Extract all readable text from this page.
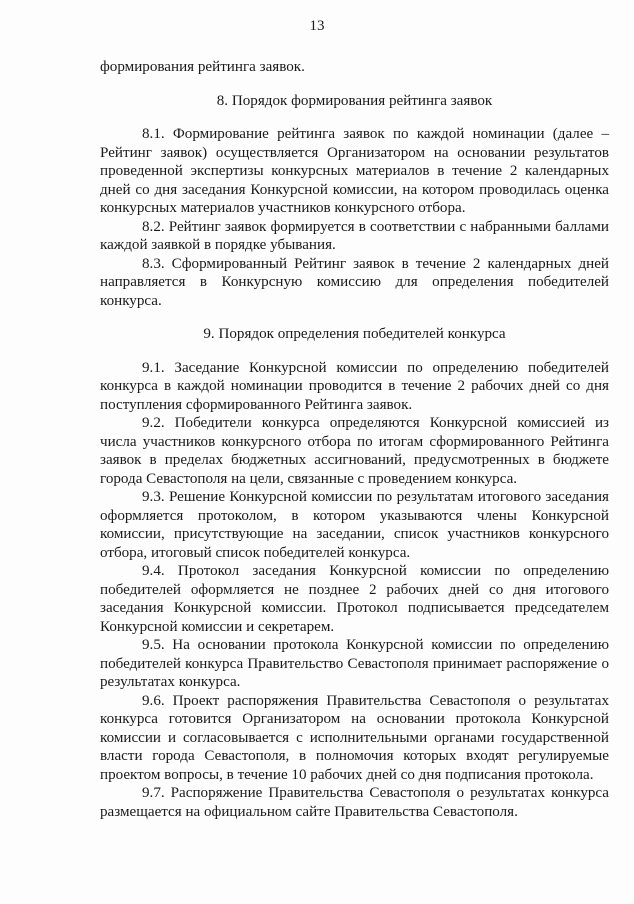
13

формирования рейтинга заявок.

8. Порядок формирования рейтинга заявок

8.1. Формирование рейтинга заявок по каждой номинации (далее – Рейтинг заявок) осуществляется Организатором на основании результатов проведенной экспертизы конкурсных материалов в течение 2 календарных дней со дня заседания Конкурсной комиссии, на котором проводилась оценка конкурсных материалов участников конкурсного отбора.

8.2. Рейтинг заявок формируется в соответствии с набранными баллами каждой заявкой в порядке убывания.

8.3. Сформированный Рейтинг заявок в течение 2 календарных дней направляется в Конкурсную комиссию для определения победителей конкурса.

9. Порядок определения победителей конкурса

9.1. Заседание Конкурсной комиссии по определению победителей конкурса в каждой номинации проводится в течение 2 рабочих дней со дня поступления сформированного Рейтинга заявок.

9.2. Победители конкурса определяются Конкурсной комиссией из числа участников конкурсного отбора по итогам сформированного Рейтинга заявок в пределах бюджетных ассигнований, предусмотренных в бюджете города Севастополя на цели, связанные с проведением конкурса.

9.3. Решение Конкурсной комиссии по результатам итогового заседания оформляется протоколом, в котором указываются члены Конкурсной комиссии, присутствующие на заседании, список участников конкурсного отбора, итоговый список победителей конкурса.

9.4. Протокол заседания Конкурсной комиссии по определению победителей оформляется не позднее 2 рабочих дней со дня итогового заседания Конкурсной комиссии. Протокол подписывается председателем Конкурсной комиссии и секретарем.

9.5. На основании протокола Конкурсной комиссии по определению победителей конкурса Правительство Севастополя принимает распоряжение о результатах конкурса.

9.6. Проект распоряжения Правительства Севастополя о результатах конкурса готовится Организатором на основании протокола Конкурсной комиссии и согласовывается с исполнительными органами государственной власти города Севастополя, в полномочия которых входят регулируемые проектом вопросы, в течение 10 рабочих дней со дня подписания протокола.

9.7. Распоряжение Правительства Севастополя о результатах конкурса размещается на официальном сайте Правительства Севастополя.
